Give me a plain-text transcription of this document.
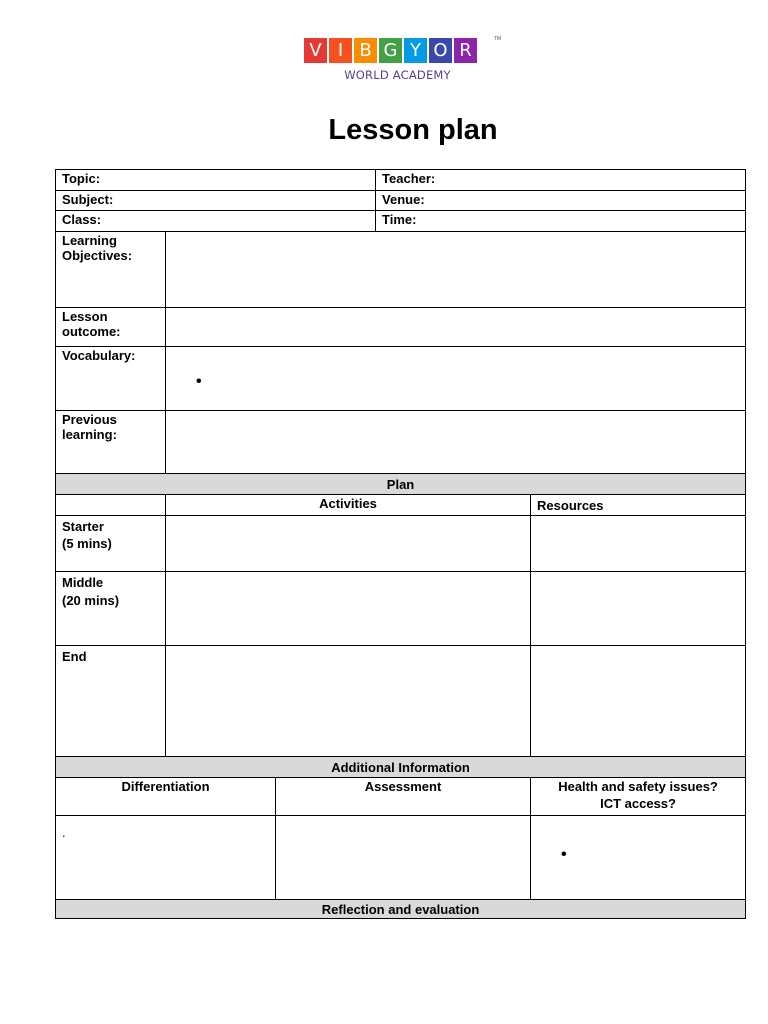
V I B G Y O R
TM
WORLD ACADEMY
Lesson plan
Topic:			Teacher:	
Subject:			Venue:	
Class:			Time:	
Learning Objectives:				
Lesson outcome:				
Vocabulary:	•			
Previous learning:				
Plan				
	Activities			Resources

Starter
(5 mins)				

Middle
(20 mins)				

End				
Additional Information				
Differentiation		Assessment		Health and safety issues?
ICT access?

.				•
Reflection and evaluation				
